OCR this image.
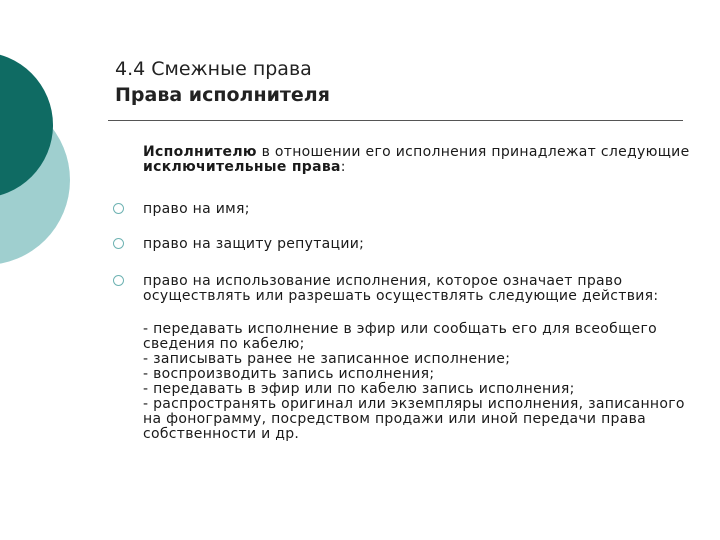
4.4 Смежные права
Права исполнителя

Исполнителю в отношении его исполнения принадлежат следующие исключительные права:

право на имя;
право на защиту репутации;
право на использование исполнения, которое означает право осуществлять или разрешать осуществлять следующие действия:
- передавать исполнение в эфир или сообщать его для всеобщего сведения по кабелю;
- записывать ранее не записанное исполнение;
- воспроизводить запись исполнения;
- передавать в эфир или по кабелю запись исполнения;
- распространять оригинал или экземпляры исполнения, записанного на фонограмму, посредством продажи или иной передачи права собственности и др.
